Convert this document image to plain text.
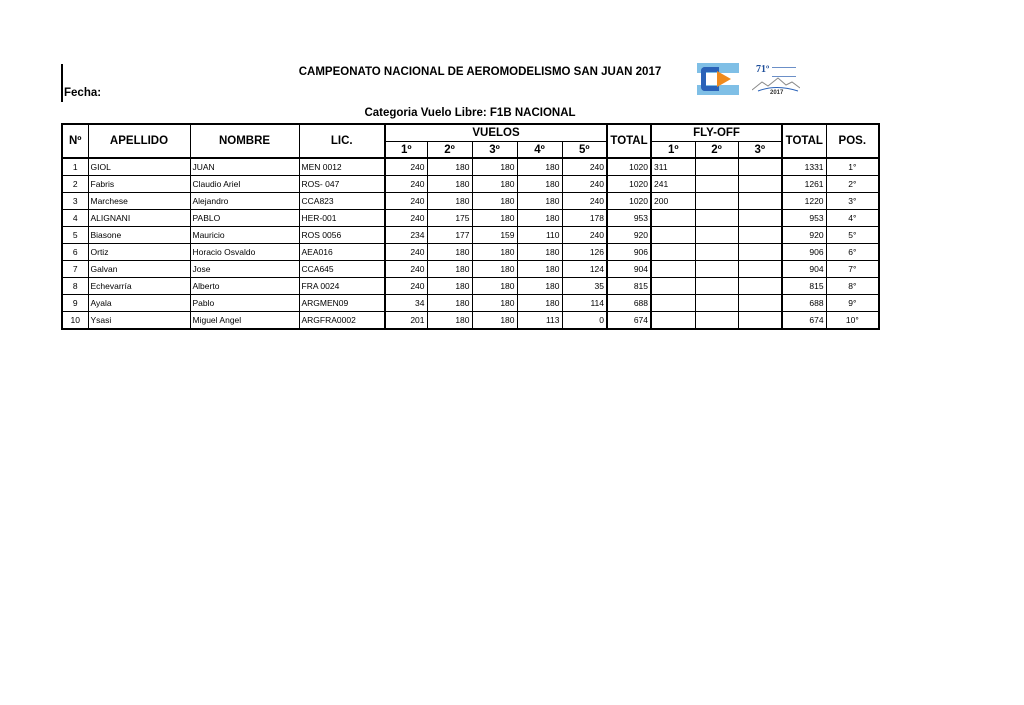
CAMPEONATO NACIONAL DE AEROMODELISMO SAN JUAN 2017
Fecha:
Categoria Vuelo Libre: F1B NACIONAL
71º
2017
Nº	APELLIDO	NOMBRE	LIC.	VUELOS					TOTAL	FLY-OFF			TOTAL	POS.
				1º	2º	3º	4º	5º		1º	2º	3º		
1	GIOL	JUAN	MEN 0012	240	180	180	180	240	1020	311			1331	1°
2	Fabris	Claudio Ariel	ROS- 047	240	180	180	180	240	1020	241			1261	2°
3	Marchese	Alejandro	CCA823	240	180	180	180	240	1020	200			1220	3°
4	ALIGNANI	PABLO	HER-001	240	175	180	180	178	953				953	4°
5	Biasone	Mauricio	ROS 0056	234	177	159	110	240	920				920	5°
6	Ortiz	Horacio Osvaldo	AEA016	240	180	180	180	126	906				906	6°
7	Galvan	Jose	CCA645	240	180	180	180	124	904				904	7°
8	Echevarría	Alberto	FRA 0024	240	180	180	180	35	815				815	8°
9	Ayala	Pablo	ARGMEN09	34	180	180	180	114	688				688	9°
10	Ysasi	Miguel Angel	ARGFRA0002	201	180	180	113	0	674				674	10°
